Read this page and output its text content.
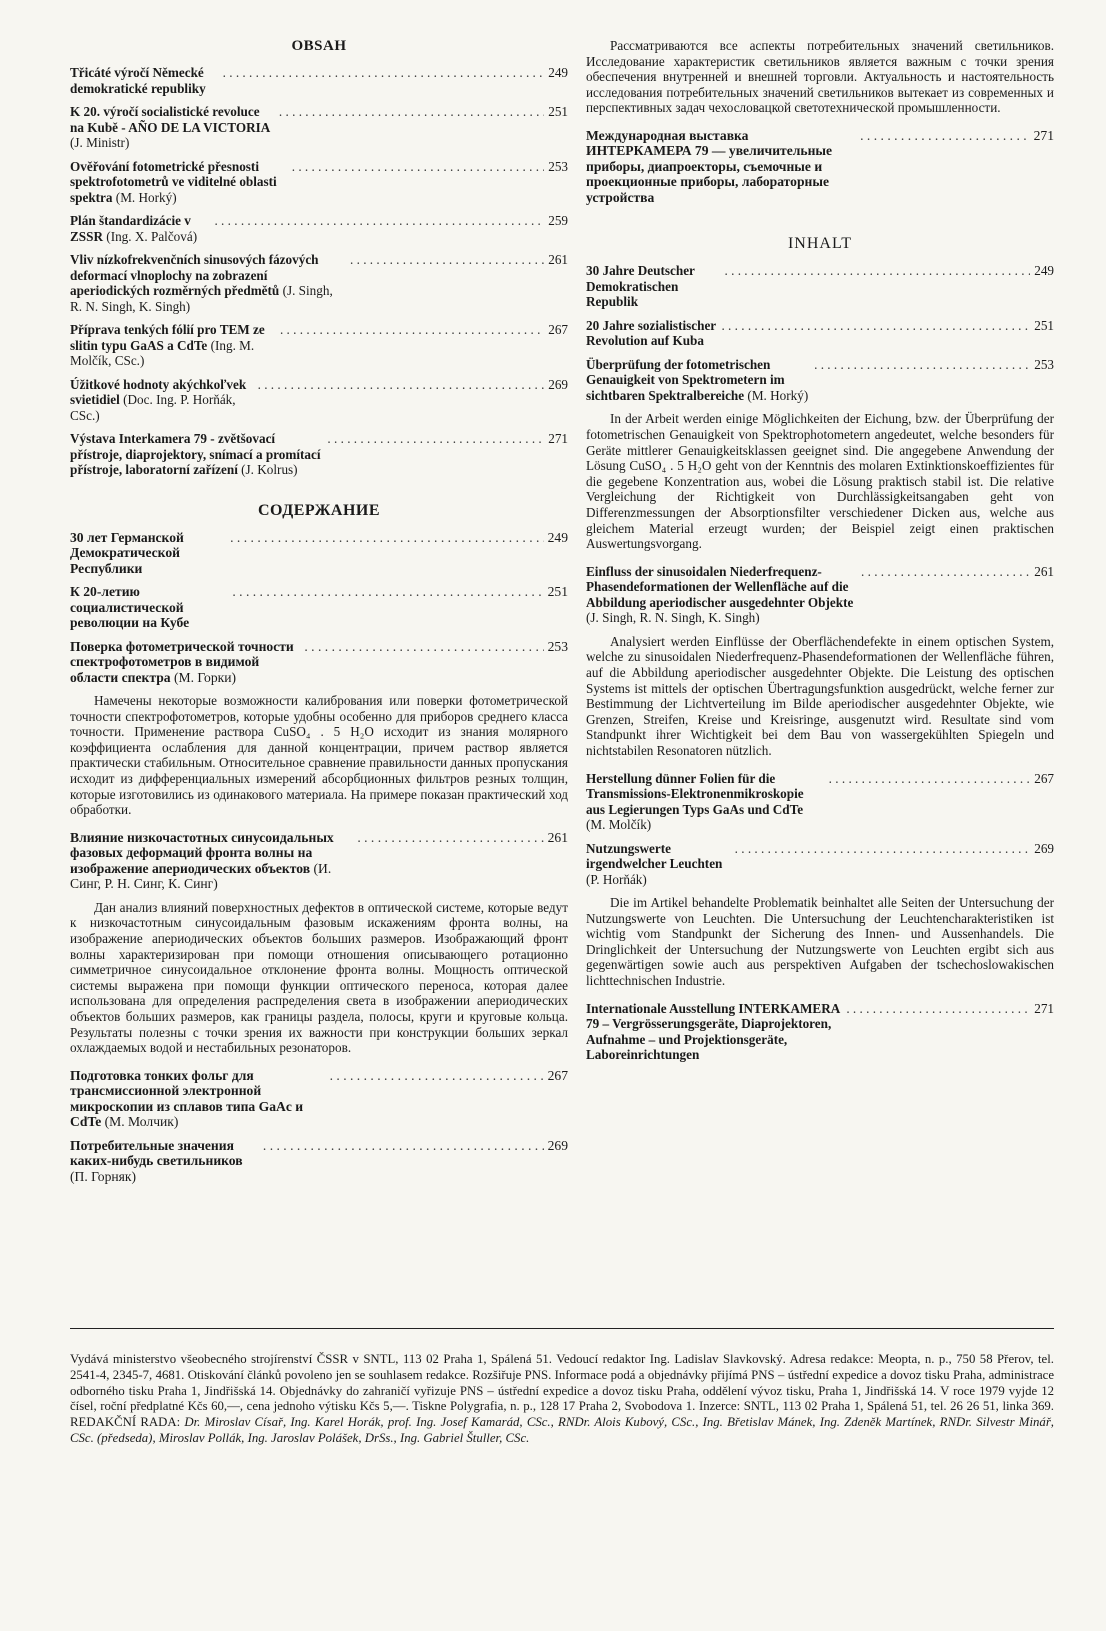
OBSAH
Třicáté výročí Německé demokratické republiky
. . .
249
K 20. výročí socialistické revoluce na Kubě - AÑO DE LA VICTORIA (J. Ministr)
. . .
251
Ověřování fotometrické přesnosti spektrofotometrů ve viditelné oblasti spektra (M. Horký)
. . .
253
Plán štandardizácie v ZSSR (Ing. X. Palčová)
. . .
259
Vliv nízkofrekvenčních sinusových fázových deformací vlnoplochy na zobrazení aperiodických rozměrných předmětů (J. Singh, R. N. Singh, K. Singh)
. . .
261
Příprava tenkých fólií pro TEM ze slitin typu GaAS a CdTe (Ing. M. Molčík, CSc.)
. . .
267
Úžitkové hodnoty akýchkoľvek svietidiel (Doc. Ing. P. Horňák, CSc.)
. . .
269
Výstava Interkamera 79 - zvětšovací přístroje, diaprojektory, snímací a promítací přístroje, laboratorní zařízení (J. Kolrus)
. . .
271
СОДЕРЖАНИЕ
30 лет Германской Демократической Республики
. . .
249
К 20-летию социалистической революции на Кубе
. . .
251
Поверка фотометрической точности спектрофотометров в видимой области спектра (М. Горки)
. . .
253
Намечены некоторые возможности калибрования или поверки фотометрической точности спектрофотометров, которые удобны особенно для приборов среднего класса точности. Применение раствора CuSO₄ . 5 H₂O исходит из знания молярного коэффициента ослабления для данной концентрации, причем раствор является практически стабильным. Относительное сравнение правильности данных пропускания исходит из дифференциальных измерений абсорбционных фильтров резных толщин, которые изготовились из одинакового материала. На примере показан практический ход обработки.
Влияние низкочастотных синусоидальных фазовых деформаций фронта волны на изображение апериодических объектов (И. Синг, Р. Н. Синг, К. Синг)
. . .
261
Дан анализ влияний поверхностных дефектов в оптической системе, которые ведут к низкочастотным синусоидальным фазовым искажениям фронта волны, на изображение апериодических объектов больших размеров. Изображающий фронт волны характеризирован при помощи отношения описывающего ротационно симметричное синусоидальное отклонение фронта волны. Мощность оптической системы выражена при помощи функции оптического переноса, которая далее использована для определения распределения света в изображении апериодических объектов больших размеров, как границы раздела, полосы, круги и круговые кольца. Результаты полезны с точки зрения их важности при конструкции больших зеркал охлаждаемых водой и нестабильных резонаторов.
Подготовка тонких фольг для трансмиссионной электронной микроскопии из сплавов типа GaAc и CdTe (М. Молчик)
. . .
267
Потребительные значения каких-нибудь светильников (П. Горняк)
. . .
269
Рассматриваются все аспекты потребительных значений светильников. Исследование характеристик светильников является важным с точки зрения обеспечения внутренней и внешней торговли. Актуальность и настоятельность исследования потребительных значений светильников вытекает из современных и перспективных задач чехословацкой светотехнической промышленности.
Международная выставка ИНТЕРКАМЕРА 79 — увеличительные приборы, диапроекторы, съемочные и проекционные приборы, лабораторные устройства
. . .
271
INHALT
30 Jahre Deutscher Demokratischen Republik
. . .
249
20 Jahre sozialistischer Revolution auf Kuba
. . .
251
Überprüfung der fotometrischen Genauigkeit von Spektrometern im sichtbaren Spektralbereiche (M. Horký)
. . .
253
In der Arbeit werden einige Möglichkeiten der Eichung, bzw. der Überprüfung der fotometrischen Genauigkeit von Spektrophotometern angedeutet, welche besonders für Geräte mittlerer Genauigkeitsklassen geeignet sind. Die angegebene Anwendung der Lösung CuSO₄ . 5 H₂O geht von der Kenntnis des molaren Extinktionskoeffizientes für die gegebene Konzentration aus, wobei die Lösung praktisch stabil ist. Die relative Vergleichung der Richtigkeit von Durchlässigkeitsangaben geht von Differenzmessungen der Absorptionsfilter verschiedener Dicken aus, welche aus gleichem Material erzeugt wurden; der Beispiel zeigt einen praktischen Auswertungsvorgang.
Einfluss der sinusoidalen Niederfrequenz-Phasendeformationen der Wellenfläche auf die Abbildung aperiodischer ausgedehnter Objekte (J. Singh, R. N. Singh, K. Singh)
. . .
261
Analysiert werden Einflüsse der Oberflächendefekte in einem optischen System, welche zu sinusoidalen Niederfrequenz-Phasendeformationen der Wellenfläche führen, auf die Abbildung aperiodischer ausgedehnter Objekte. Die Leistung des optischen Systems ist mittels der optischen Übertragungsfunktion ausgedrückt, welche ferner zur Bestimmung der Lichtverteilung im Bilde aperiodischer ausgedehnter Objekte, wie Grenzen, Streifen, Kreise und Kreisringe, ausgenutzt wird. Resultate sind vom Standpunkt ihrer Wichtigkeit bei dem Bau von wassergekühlten Spiegeln und nichtstabilen Resonatoren nützlich.
Herstellung dünner Folien für die Transmissions-Elektronenmikroskopie aus Legierungen Typs GaAs und CdTe (M. Molčík)
. . .
267
Nutzungswerte irgendwelcher Leuchten (P. Horňák)
. . .
269
Die im Artikel behandelte Problematik beinhaltet alle Seiten der Untersuchung der Nutzungswerte von Leuchten. Die Untersuchung der Leuchtencharakteristiken ist wichtig vom Standpunkt der Sicherung des Innen- und Aussenhandels. Die Dringlichkeit der Untersuchung der Nutzungswerte von Leuchten ergibt sich aus gegenwärtigen sowie auch aus perspektiven Aufgaben der tschechoslowakischen lichttechnischen Industrie.
Internationale Ausstellung INTERKAMERA 79 – Vergrösserungsgeräte, Diaprojektoren, Aufnahme – und Projektionsgeräte, Laboreinrichtungen
. . .
271
Vydává ministerstvo všeobecného strojírenství ČSSR v SNTL, 113 02 Praha 1, Spálená 51. Vedoucí redaktor Ing. Ladislav Slavkovský. Adresa redakce: Meopta, n. p., 750 58 Přerov, tel. 2541-4, 2345-7, 4681. Otiskování článků povoleno jen se souhlasem redakce. Rozšiřuje PNS. Informace podá a objednávky přijímá PNS – ústřední expedice a dovoz tisku Praha, administrace odborného tisku Praha 1, Jindřišská 14. Objednávky do zahraničí vyřizuje PNS – ústřední expedice a dovoz tisku Praha, oddělení vývoz tisku, Praha 1, Jindřišská 14. V roce 1979 vyjde 12 čísel, roční předplatné Kčs 60,—, cena jednoho výtisku Kčs 5,—. Tiskne Polygrafia, n. p., 128 17 Praha 2, Svobodova 1. Inzerce: SNTL, 113 02 Praha 1, Spálená 51, tel. 26 26 51, linka 369. REDAKČNÍ RADA: Dr. Miroslav Císař, Ing. Karel Horák, prof. Ing. Josef Kamarád, CSc., RNDr. Alois Kubový, CSc., Ing. Břetislav Mánek, Ing. Zdeněk Martínek, RNDr. Silvestr Minář, CSc. (předseda), Miroslav Pollák, Ing. Jaroslav Polášek, DrSs., Ing. Gabriel Štuller, CSc.
